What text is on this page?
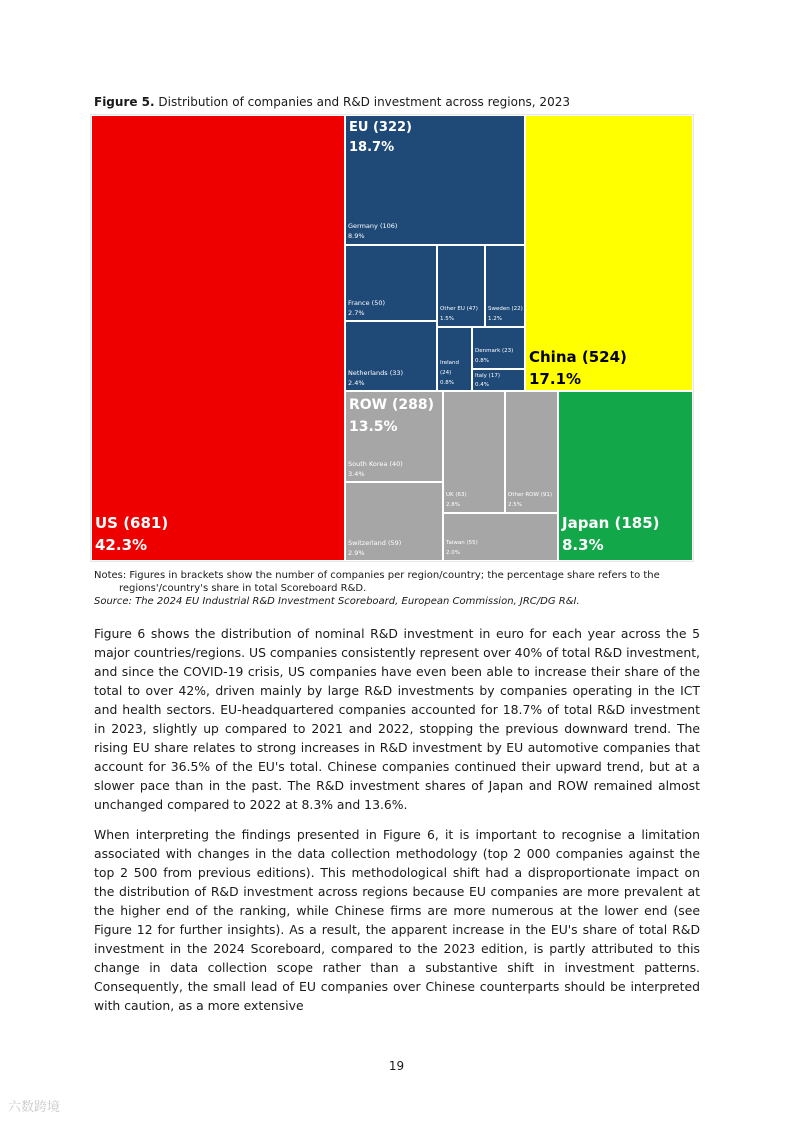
Figure 5. Distribution of companies and R&D investment across regions, 2023
US (681)
42.3%
EU (322)
18.7%
Germany (106)
8.9%
France (50)
2.7%
Netherlands (33)
2.4%
Other EU (47)
1.5%
Sweden (22)
1.2%
Ireland (24)
0.8%
Denmark (23)
0.8%
Italy (17)
0.4%
China (524)
17.1%
ROW (288)
13.5%
South Korea (40)
3.4%
Switzerland (59)
2.9%
UK (63)
2.8%
Other ROW (91)
2.5%
Taiwan (55)
2.0%
Japan (185)
8.3%
Notes: Figures in brackets show the number of companies per region/country; the percentage share refers to the
regions'/country's share in total Scoreboard R&D.
Source: The 2024 EU Industrial R&D Investment Scoreboard, European Commission, JRC/DG R&I.

Figure 6 shows the distribution of nominal R&D investment in euro for each year across the 5 major countries/regions. US companies consistently represent over 40% of total R&D investment, and since the COVID-19 crisis, US companies have even been able to increase their share of the total to over 42%, driven mainly by large R&D investments by companies operating in the ICT and health sectors. EU-headquartered companies accounted for 18.7% of total R&D investment in 2023, slightly up compared to 2021 and 2022, stopping the previous downward trend. The rising EU share relates to strong increases in R&D investment by EU automotive companies that account for 36.5% of the EU's total. Chinese companies continued their upward trend, but at a slower pace than in the past. The R&D investment shares of Japan and ROW remained almost unchanged compared to 2022 at 8.3% and 13.6%.

When interpreting the findings presented in Figure 6, it is important to recognise a limitation associated with changes in the data collection methodology (top 2 000 companies against the top 2 500 from previous editions). This methodological shift had a disproportionate impact on the distribution of R&D investment across regions because EU companies are more prevalent at the higher end of the ranking, while Chinese firms are more numerous at the lower end (see Figure 12 for further insights). As a result, the apparent increase in the EU's share of total R&D investment in the 2024 Scoreboard, compared to the 2023 edition, is partly attributed to this change in data collection scope rather than a substantive shift in investment patterns. Consequently, the small lead of EU companies over Chinese counterparts should be interpreted with caution, as a more extensive

19
六数跨境
